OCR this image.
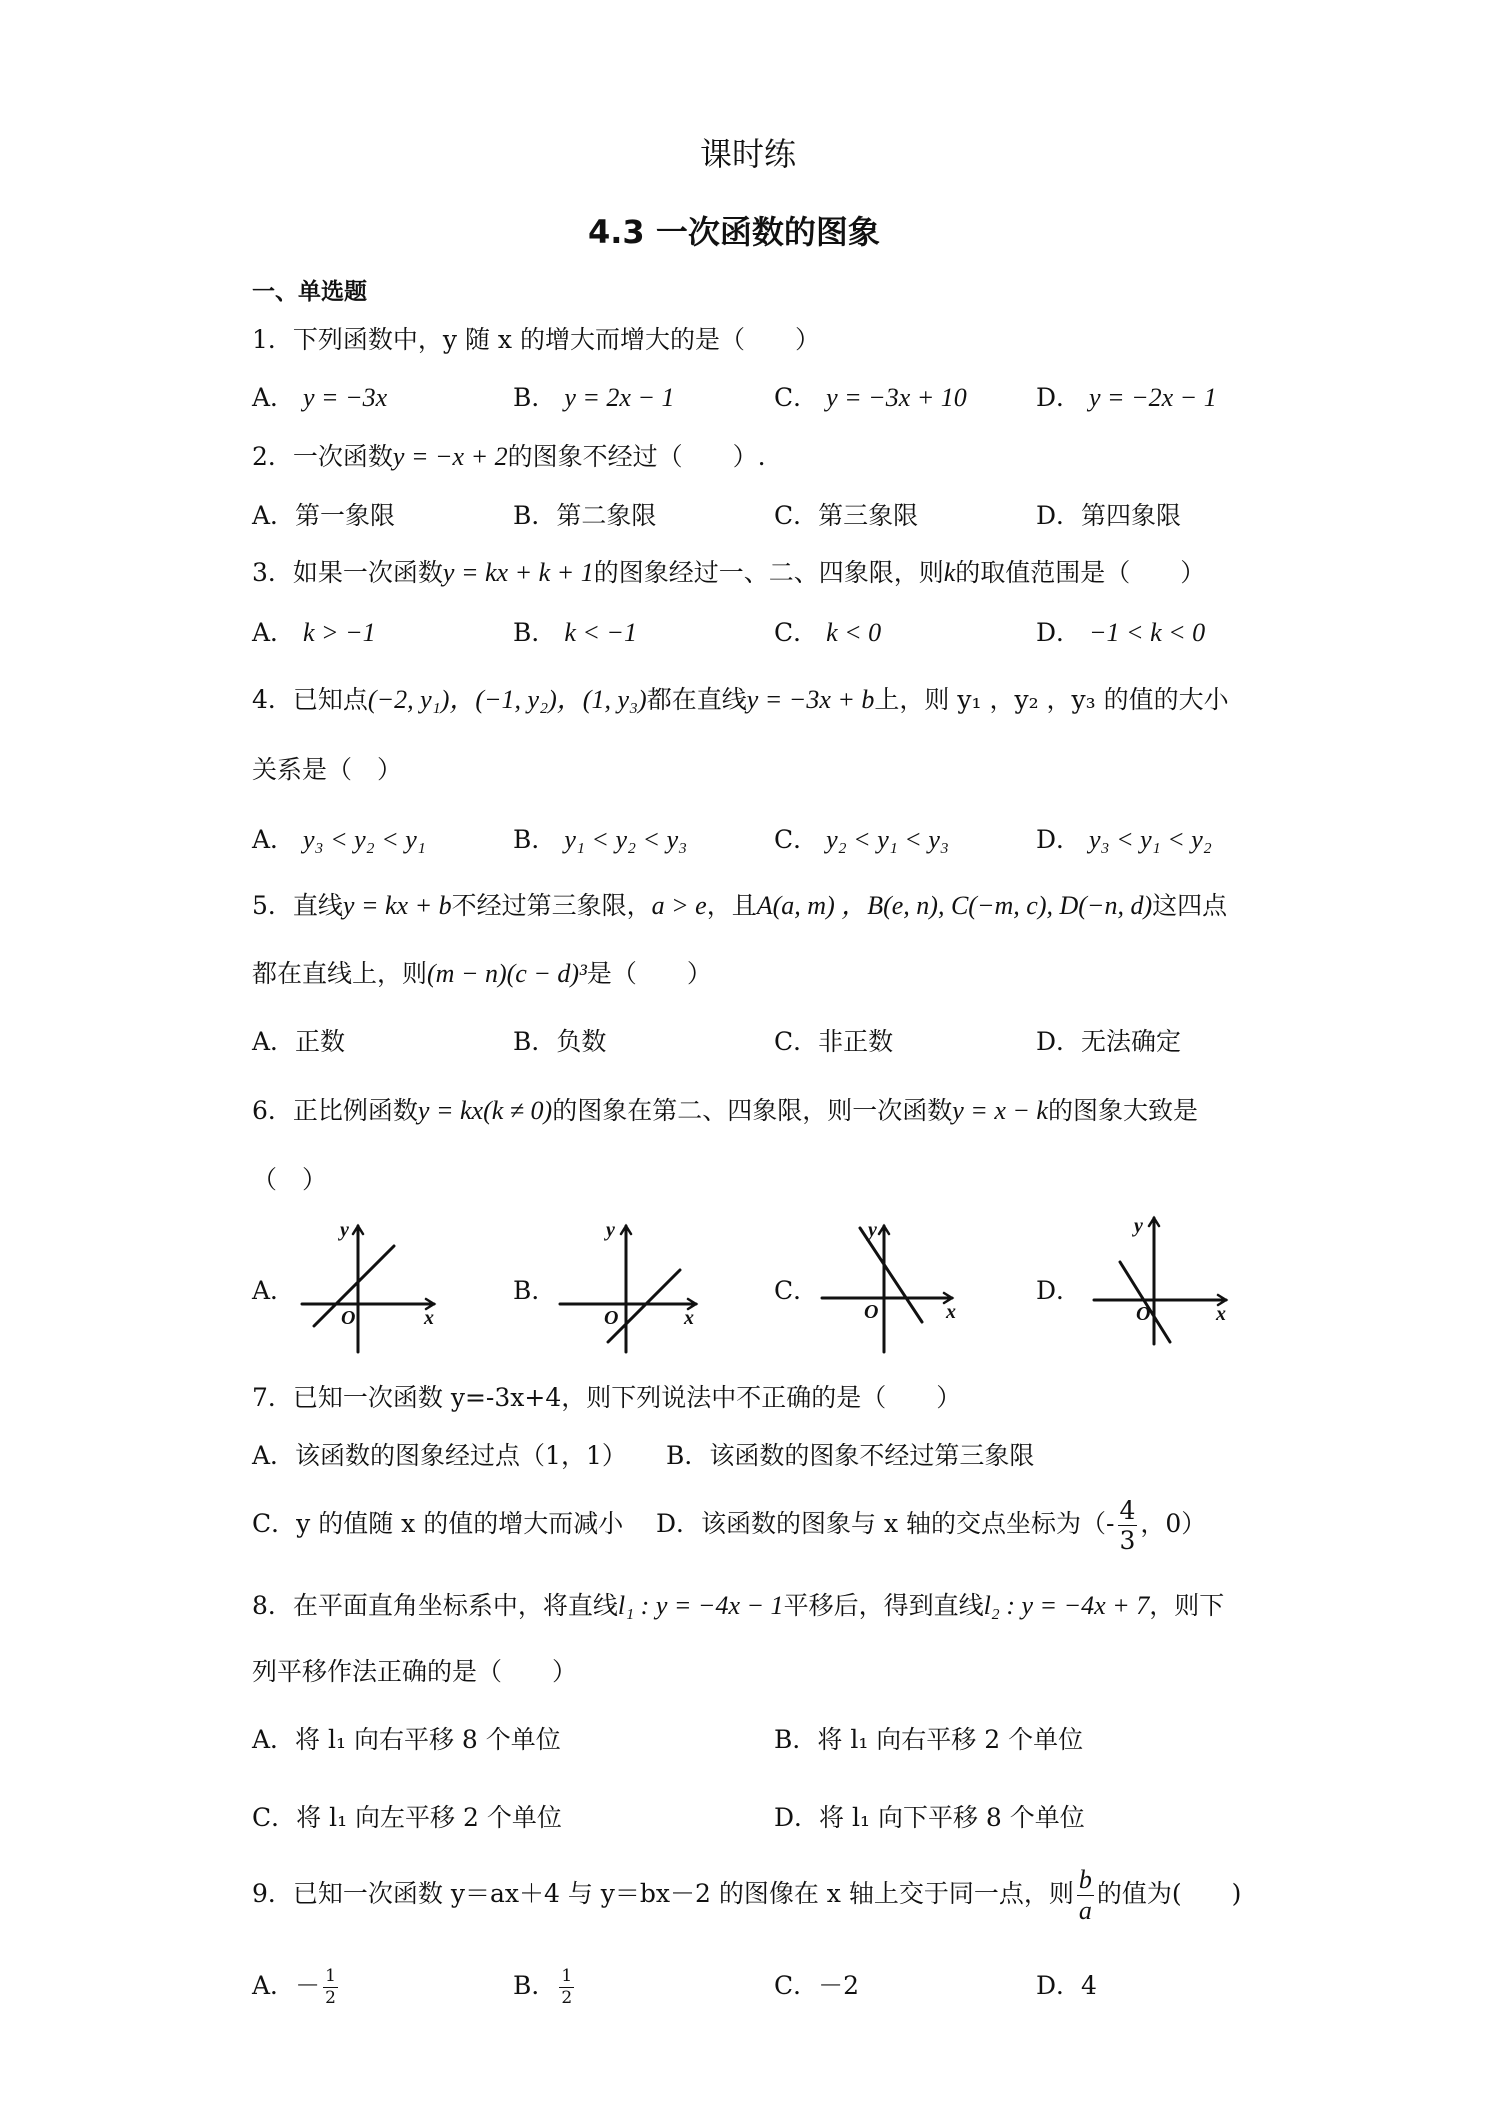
课时练
4.3 一次函数的图象
一、单选题
1．下列函数中，y 随 x 的增大而增大的是（　　）
A． y = −3x	B． y = 2x − 1	C． y = −3x + 10	D． y = −2x − 1
2．一次函数y = −x + 2的图象不经过（　　）.
A．第一象限	B．第二象限	C．第三象限	D．第四象限
3．如果一次函数y = kx + k + 1的图象经过一、二、四象限，则k的取值范围是（　　）
A． k > −1	B． k < −1	C． k < 0	D． −1 < k < 0
4．已知点(−2, y₁)，(−1, y₂)，(1, y₃)都在直线y = −3x + b上，则 y₁ ，y₂ ，y₃ 的值的大小
关系是（　）
A． y₃ < y₂ < y₁	B． y₁ < y₂ < y₃	C． y₂ < y₁ < y₃	D． y₃ < y₁ < y₂
5．直线y = kx + b不经过第三象限，a > e，且A(a, m) ，B(e, n), C(−m, c), D(−n, d)这四点
都在直线上，则(m − n)(c − d)³是（　　）
A．正数	B．负数	C．非正数	D．无法确定
6．正比例函数y = kx(k ≠ 0)的图象在第二、四象限，则一次函数y = x − k的图象大致是
（　）
A．	B．	C．	D．
y
x
O
y
x
O
y
x
O
y
x
O
7．已知一次函数 y=-3x+4，则下列说法中不正确的是（　　）
A．该函数的图象经过点（1，1） B．该函数的图象不经过第三象限
C．y 的值随 x 的值的增大而减小 D．该函数的图象与 x 轴的交点坐标为（- $\frac{4}{3}$ ，0）
8．在平面直角坐标系中，将直线l₁ : y = −4x − 1平移后，得到直线l₂ : y = −4x + 7，则下
列平移作法正确的是（　　）
A．将 l₁ 向右平移 8 个单位	B．将 l₁ 向右平移 2 个单位
C．将 l₁ 向左平移 2 个单位	D．将 l₁ 向下平移 8 个单位
9．已知一次函数 y＝ax＋4 与 y＝bx－2 的图像在 x 轴上交于同一点，则 $\frac{b}{a}$ 的值为(　　)
A．－ $\frac{1}{2}$	B． $\frac{1}{2}$	C．－2	D．4
